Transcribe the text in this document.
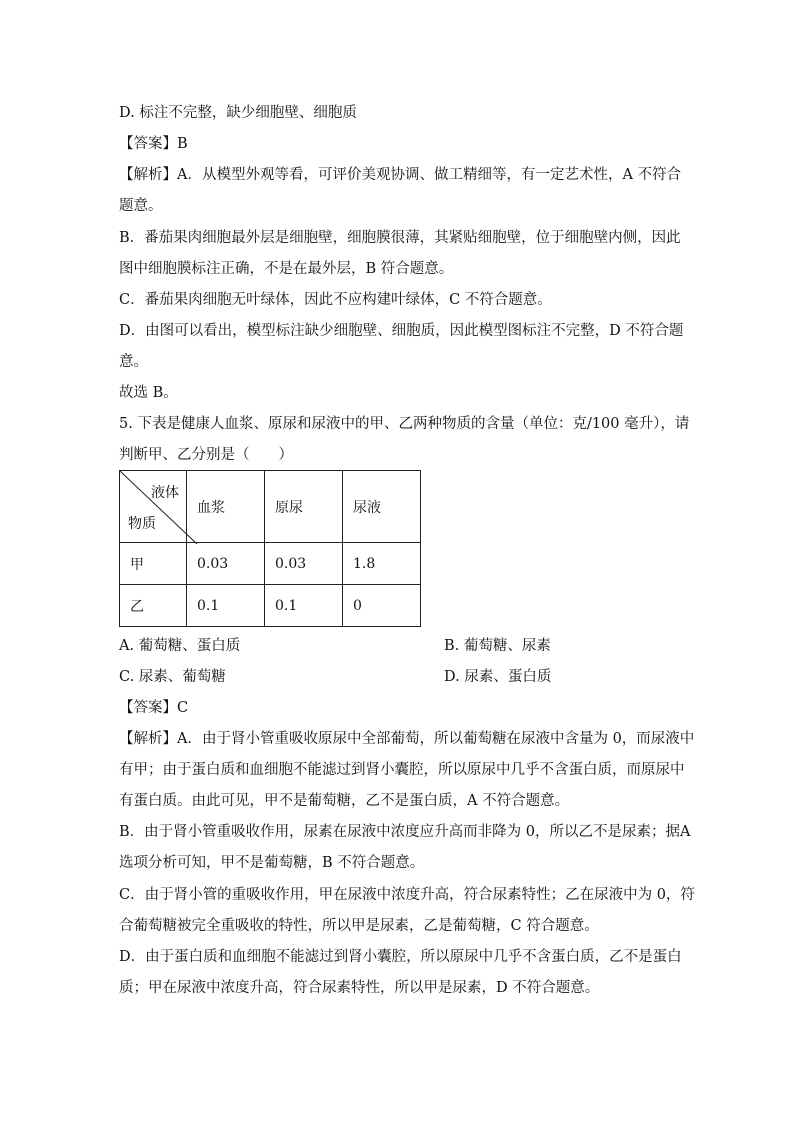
D. 标注不完整，缺少细胞壁、细胞质
【答案】B
【解析】A．从模型外观等看，可评价美观协调、做工精细等，有一定艺术性，A 不符合
题意。
B．番茄果肉细胞最外层是细胞壁，细胞膜很薄，其紧贴细胞壁，位于细胞壁内侧，因此
图中细胞膜标注正确，不是在最外层，B 符合题意。
C．番茄果肉细胞无叶绿体，因此不应构建叶绿体，C 不符合题意。
D．由图可以看出，模型标注缺少细胞壁、细胞质，因此模型图标注不完整，D 不符合题
意。
故选 B。
5. 下表是健康人血浆、原尿和尿液中的甲、乙两种物质的含量（单位：克/100 毫升），请
判断甲、乙分别是（　　）
液体
物质	血浆	原尿	尿液
甲	0.03	0.03	1.8
乙	0.1	0.1	0
A. 葡萄糖、蛋白质	B. 葡萄糖、尿素
C. 尿素、葡萄糖	D. 尿素、蛋白质
【答案】C
【解析】A．由于肾小管重吸收原尿中全部葡萄，所以葡萄糖在尿液中含量为 0，而尿液中
有甲；由于蛋白质和血细胞不能滤过到肾小囊腔，所以原尿中几乎不含蛋白质，而原尿中
有蛋白质。由此可见，甲不是葡萄糖，乙不是蛋白质，A 不符合题意。
B．由于肾小管重吸收作用，尿素在尿液中浓度应升高而非降为 0，所以乙不是尿素；据A
选项分析可知，甲不是葡萄糖，B 不符合题意。
C．由于肾小管的重吸收作用，甲在尿液中浓度升高，符合尿素特性；乙在尿液中为 0，符
合葡萄糖被完全重吸收的特性，所以甲是尿素，乙是葡萄糖，C 符合题意。
D．由于蛋白质和血细胞不能滤过到肾小囊腔，所以原尿中几乎不含蛋白质，乙不是蛋白
质；甲在尿液中浓度升高，符合尿素特性，所以甲是尿素，D 不符合题意。
